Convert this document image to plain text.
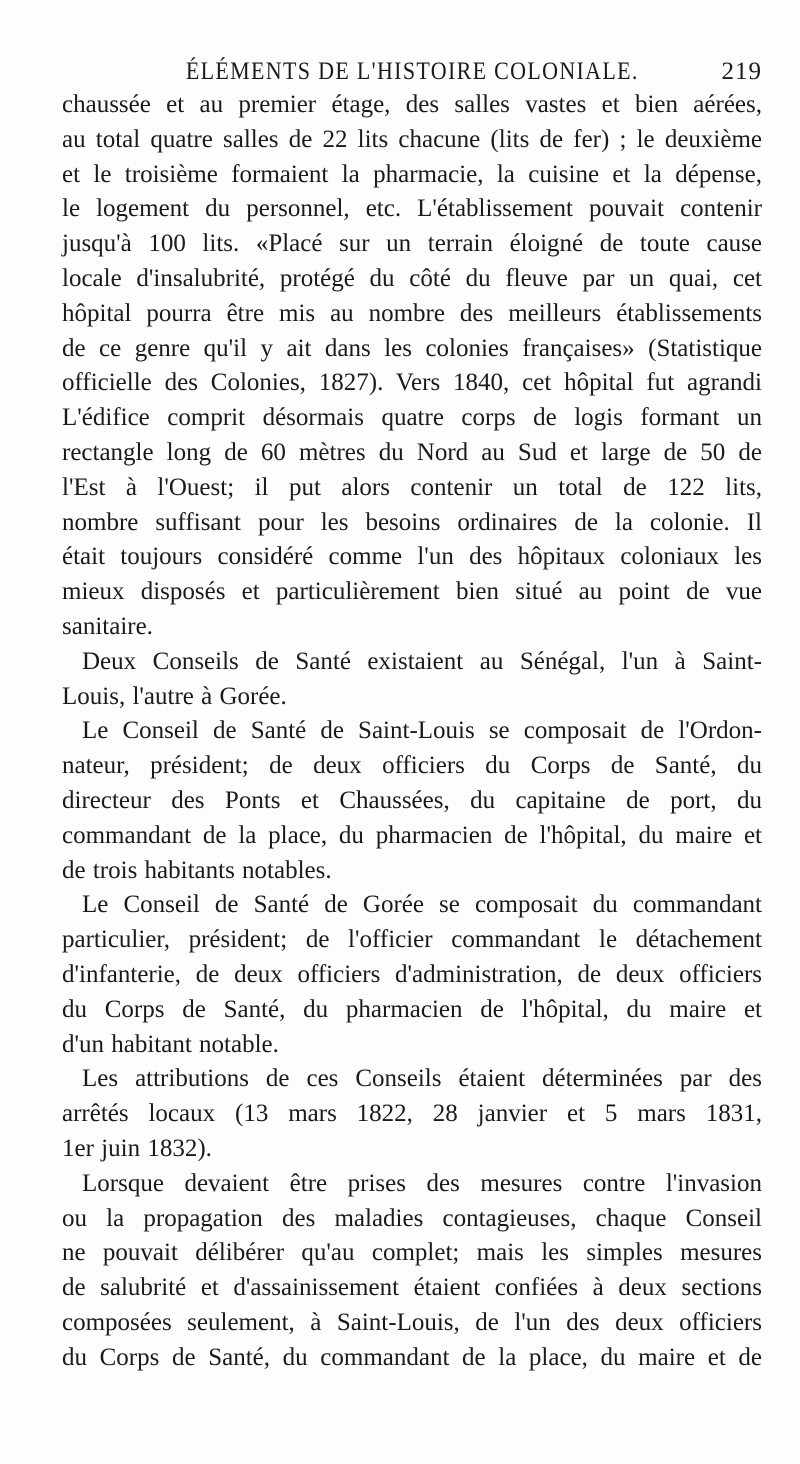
ÉLÉMENTS DE L'HISTOIRE COLONIALE.	219
chaussée et au premier étage, des salles vastes et bien aérées,
au total quatre salles de 22 lits chacune (lits de fer) ; le deuxième
et le troisième formaient la pharmacie, la cuisine et la dépense,
le logement du personnel, etc. L'établissement pouvait contenir
jusqu'à 100 lits. «Placé sur un terrain éloigné de toute cause
locale d'insalubrité, protégé du côté du fleuve par un quai, cet
hôpital pourra être mis au nombre des meilleurs établissements
de ce genre qu'il y ait dans les colonies françaises» (Statistique
officielle des Colonies, 1827). Vers 1840, cet hôpital fut agrandi
L'édifice comprit désormais quatre corps de logis formant un
rectangle long de 60 mètres du Nord au Sud et large de 50 de
l'Est à l'Ouest; il put alors contenir un total de 122 lits,
nombre suffisant pour les besoins ordinaires de la colonie. Il
était toujours considéré comme l'un des hôpitaux coloniaux les
mieux disposés et particulièrement bien situé au point de vue
sanitaire.
Deux Conseils de Santé existaient au Sénégal, l'un à Saint-
Louis, l'autre à Gorée.
Le Conseil de Santé de Saint-Louis se composait de l'Ordon-
nateur, président; de deux officiers du Corps de Santé, du
directeur des Ponts et Chaussées, du capitaine de port, du
commandant de la place, du pharmacien de l'hôpital, du maire et
de trois habitants notables.
Le Conseil de Santé de Gorée se composait du commandant
particulier, président; de l'officier commandant le détachement
d'infanterie, de deux officiers d'administration, de deux officiers
du Corps de Santé, du pharmacien de l'hôpital, du maire et
d'un habitant notable.
Les attributions de ces Conseils étaient déterminées par des
arrêtés locaux (13 mars 1822, 28 janvier et 5 mars 1831,
1er juin 1832).
Lorsque devaient être prises des mesures contre l'invasion
ou la propagation des maladies contagieuses, chaque Conseil
ne pouvait délibérer qu'au complet; mais les simples mesures
de salubrité et d'assainissement étaient confiées à deux sections
composées seulement, à Saint-Louis, de l'un des deux officiers
du Corps de Santé, du commandant de la place, du maire et de
